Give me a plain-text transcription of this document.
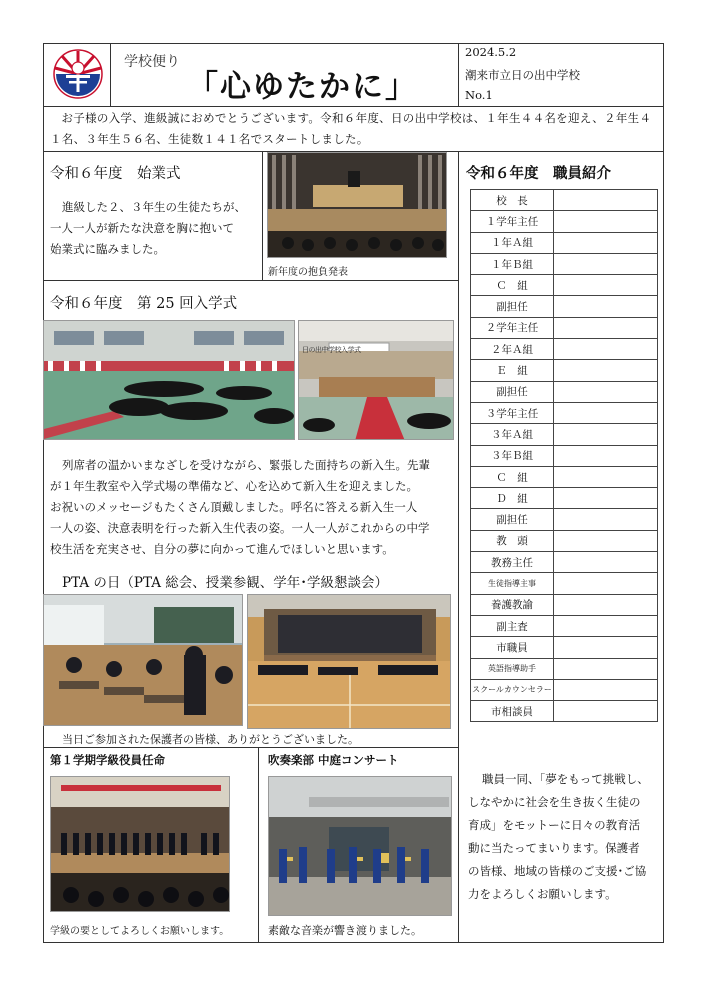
学校便り
「心ゆたかに」
2024.5.2
潮来市立日の出中学校
No.1
お子様の入学、進級誠におめでとうございます。令和６年度、日の出中学校は、１年生４４名を迎え、２年生４１名、３年生５６名、生徒数１４１名でスタートしました。
令和６年度　始業式
進級した２、３年生の生徒たちが、
一人一人が新たな決意を胸に抱いて
始業式に臨みました。
新年度の抱負発表
令和６年度　第 25 回入学式
日の出中学校入学式
列席者の温かいまなざしを受けながら、緊張した面持ちの新入生。先輩
が１年生教室や入学式場の準備など、心を込めて新入生を迎えました。
お祝いのメッセージもたくさん頂戴しました。呼名に答える新入生一人
一人の姿、決意表明を行った新入生代表の姿。一人一人がこれからの中学
校生活を充実させ、自分の夢に向かって進んでほしいと思います。
PTA の日（PTA 総会、授業参観、学年･学級懇談会）
当日ご参加された保護者の皆様、ありがとうございました。
第１学期学級役員任命
学級の要としてよろしくお願いします。
吹奏楽部 中庭コンサート
素敵な音楽が響き渡りました。
令和６年度　職員紹介
校　長	
１学年主任	
１年Ａ組	
１年Ｂ組	
Ｃ　組	
副担任	
２学年主任	
２年Ａ組	
Ｅ　組	
副担任	
３学年主任	
３年Ａ組	
３年Ｂ組	
Ｃ　組	
Ｄ　組	
副担任	
教　頭	
教務主任	
生徒指導主事	
養護教諭	
副主査	
市職員	
英語指導助手	
スクールカウンセラー	
市相談員	
職員一同、「夢をもって挑戦し、
しなやかに社会を生き抜く生徒の
育成」をモットーに日々の教育活
動に当たってまいります。保護者
の皆様、地域の皆様のご支援･ご協
力をよろしくお願いします。
